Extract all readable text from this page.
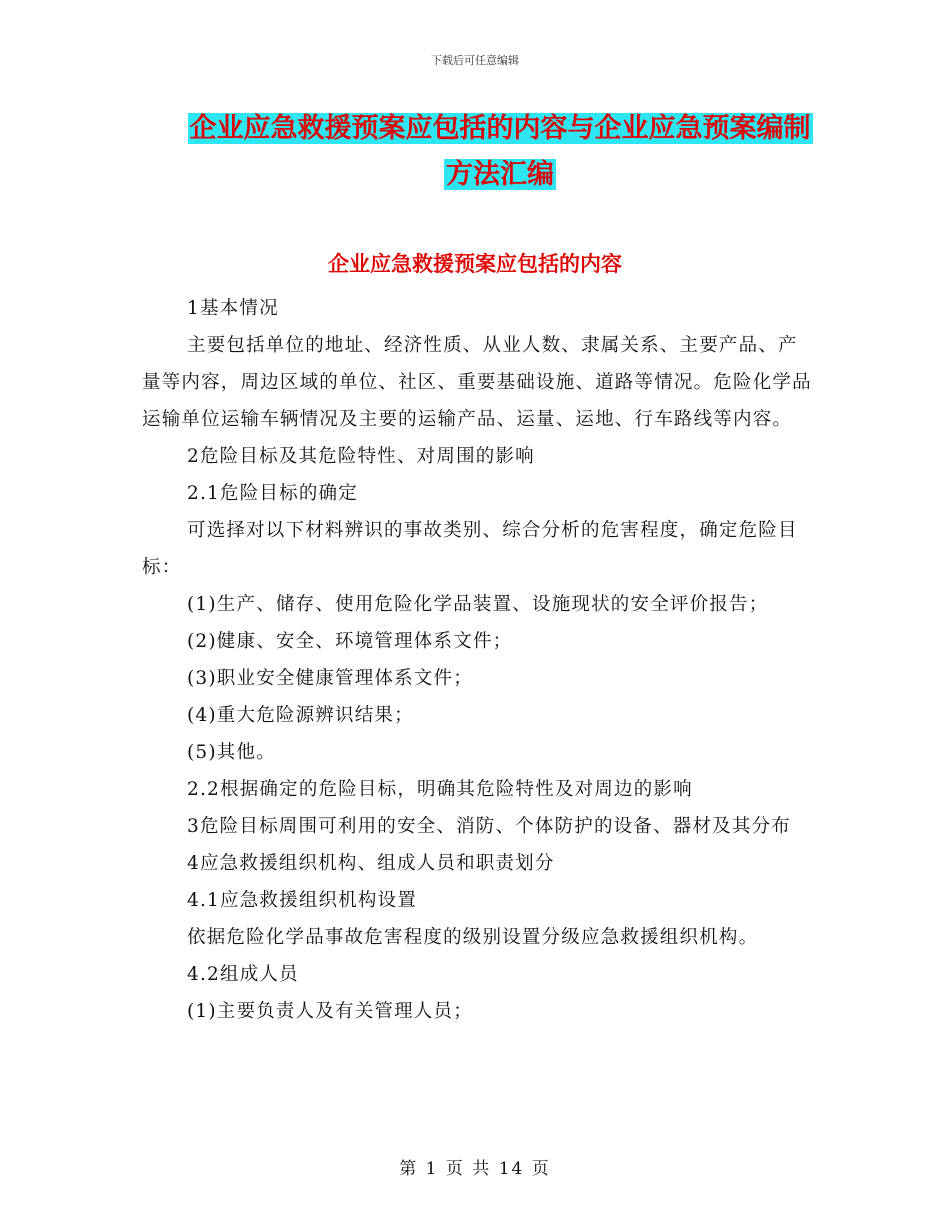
下载后可任意编辑
企业应急救援预案应包括的内容与企业应急预案编制
方法汇编
企业应急救援预案应包括的内容

1基本情况

主要包括单位的地址、经济性质、从业人数、隶属关系、主要产品、产量等内容，周边区域的单位、社区、重要基础设施、道路等情况。危险化学品运输单位运输车辆情况及主要的运输产品、运量、运地、行车路线等内容。

2危险目标及其危险特性、对周围的影响

2.1危险目标的确定

可选择对以下材料辨识的事故类别、综合分析的危害程度，确定危险目标：

(1)生产、储存、使用危险化学品装置、设施现状的安全评价报告；

(2)健康、安全、环境管理体系文件；

(3)职业安全健康管理体系文件；

(4)重大危险源辨识结果；

(5)其他。

2.2根据确定的危险目标，明确其危险特性及对周边的影响

3危险目标周围可利用的安全、消防、个体防护的设备、器材及其分布

4应急救援组织机构、组成人员和职责划分

4.1应急救援组织机构设置

依据危险化学品事故危害程度的级别设置分级应急救援组织机构。

4.2组成人员

(1)主要负责人及有关管理人员；

第 1 页 共 14 页
